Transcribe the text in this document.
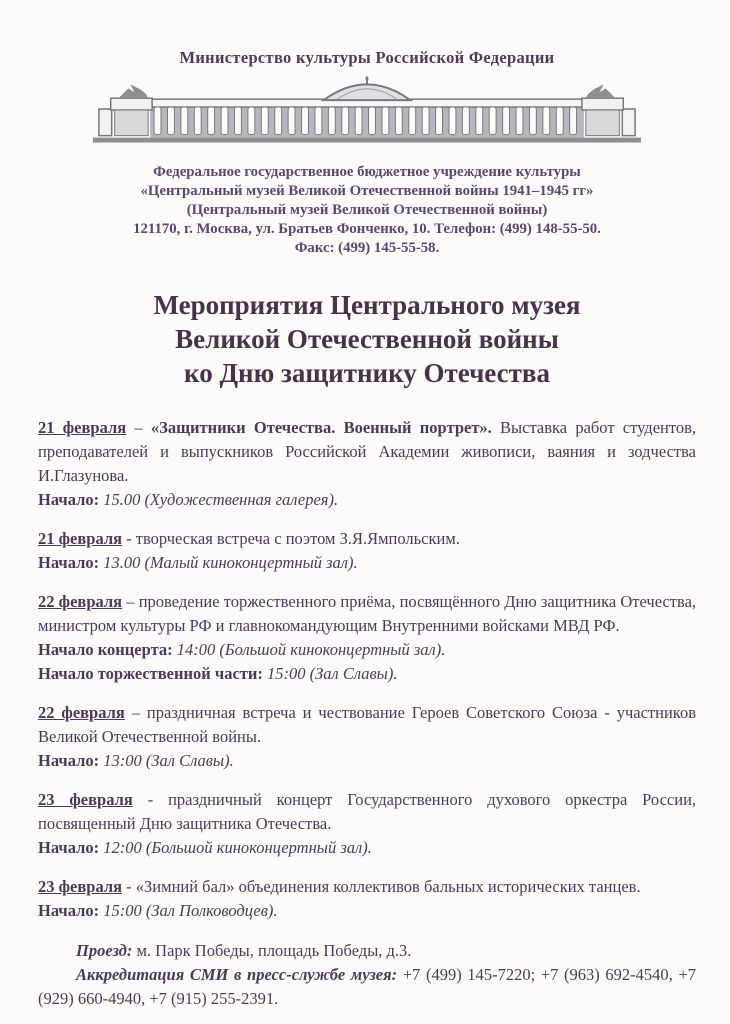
Министерство культуры Российской Федерации
Федеральное государственное бюджетное учреждение культуры
«Центральный музей Великой Отечественной войны 1941–1945 гг»
(Центральный музей Великой Отечественной войны)
121170, г. Москва, ул. Братьев Фонченко, 10. Телефон: (499) 148-55-50.
Факс: (499) 145-55-58.
Мероприятия Центрального музея
Великой Отечественной войны
ко Дню защитнику Отечества

21 февраля – «Защитники Отечества. Военный портрет». Выставка работ студентов, преподавателей и выпускников Российской Академии живописи, ваяния и зодчества И.Глазунова.

Начало: 15.00 (Художественная галерея).

21 февраля - творческая встреча с поэтом З.Я.Ямпольским.

Начало: 13.00 (Малый киноконцертный зал).

22 февраля – проведение торжественного приёма, посвящённого Дню защитника Отечества, министром культуры РФ и главнокомандующим Внутренними войсками МВД РФ.

Начало концерта: 14:00 (Большой киноконцертный зал).

Начало торжественной части: 15:00 (Зал Славы).

22 февраля – праздничная встреча и чествование Героев Советского Союза - участников Великой Отечественной войны.

Начало: 13:00 (Зал Славы).

23 февраля - праздничный концерт Государственного духового оркестра России, посвященный Дню защитника Отечества.

Начало: 12:00 (Большой киноконцертный зал).

23 февраля - «Зимний бал» объединения коллективов бальных исторических танцев.

Начало: 15:00 (Зал Полководцев).

Проезд: м. Парк Победы, площадь Победы, д.3.

Аккредитация СМИ в пресс-службе музея: +7 (499) 145-7220; +7 (963) 692-4540, +7 (929) 660-4940, +7 (915) 255-2391.
